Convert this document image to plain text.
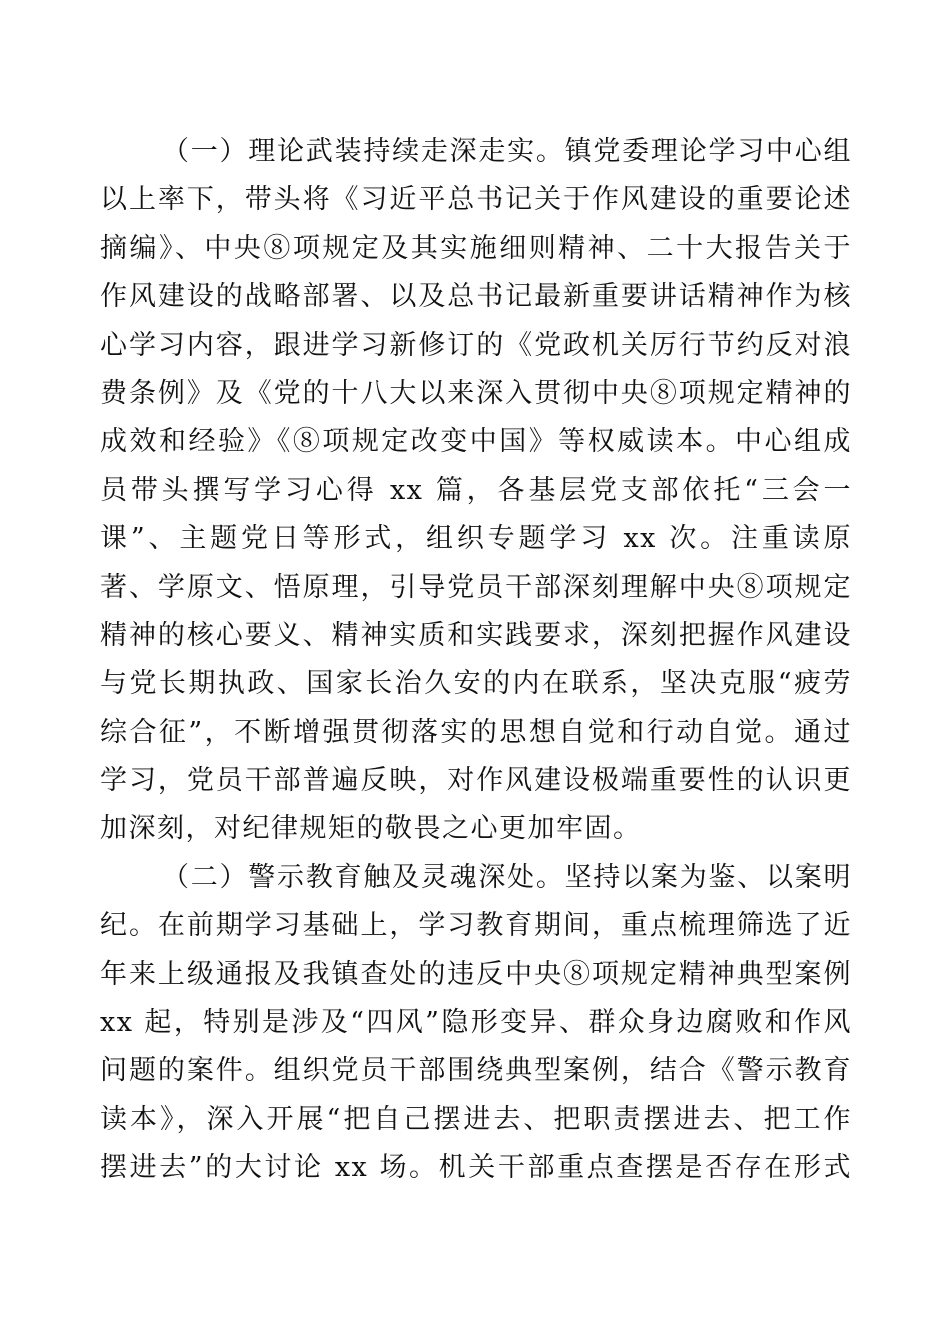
（一）理论武装持续走深走实。镇党委理论学习中心组
以上率下，带头将《习近平总书记关于作风建设的重要论述
摘编》、中央⑧项规定及其实施细则精神、二十大报告关于
作风建设的战略部署、以及总书记最新重要讲话精神作为核
心学习内容，跟进学习新修订的《党政机关厉行节约反对浪
费条例》及《党的十八大以来深入贯彻中央⑧项规定精神的
成效和经验》《⑧项规定改变中国》等权威读本。中心组成
员带头撰写学习心得 xx 篇，各基层党支部依托“三会一
课”、主题党日等形式，组织专题学习 xx 次。注重读原
著、学原文、悟原理，引导党员干部深刻理解中央⑧项规定
精神的核心要义、精神实质和实践要求，深刻把握作风建设
与党长期执政、国家长治久安的内在联系，坚决克服“疲劳
综合征”，不断增强贯彻落实的思想自觉和行动自觉。通过
学习，党员干部普遍反映，对作风建设极端重要性的认识更
加深刻，对纪律规矩的敬畏之心更加牢固。
（二）警示教育触及灵魂深处。坚持以案为鉴、以案明
纪。在前期学习基础上，学习教育期间，重点梳理筛选了近
年来上级通报及我镇查处的违反中央⑧项规定精神典型案例
xx 起，特别是涉及“四风”隐形变异、群众身边腐败和作风
问题的案件。组织党员干部围绕典型案例，结合《警示教育
读本》，深入开展“把自己摆进去、把职责摆进去、把工作
摆进去”的大讨论 xx 场。机关干部重点查摆是否存在形式
